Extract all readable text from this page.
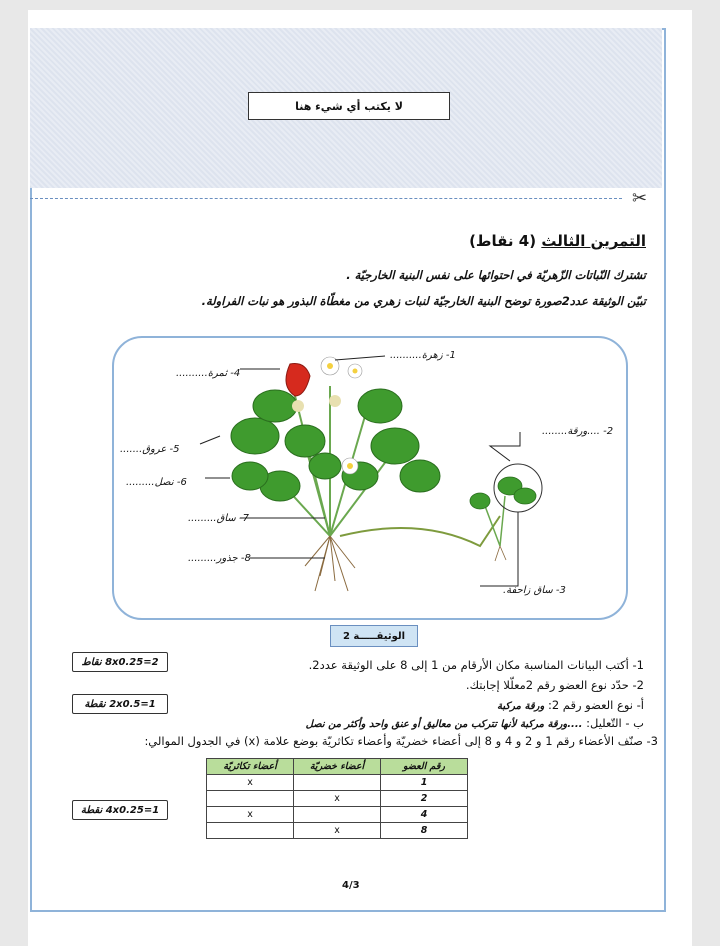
لا يكتب أي شيء هنا
✂
التمرين الثالث (4 نقاط)
تشترك النّباتات الزّهريّة في احتوائها على نفس البنية الخارجيّة .
تبيّن الوثيقة عدد2صورة توضح البنية الخارجيّة لنبات زهري من مغطّاة البذور هو نبات الفراولة.
1- زهرة..........
2- ....ورقة........
3- ساق زاحفة.
4- ثمرة..........
5- عروق.......
6- نصل.........
7- ساق.........
8- جذور.........
الوثيقـــــة 2
2=8x0.25 نقاط
1=2x0.5 نقطة
1=4x0.25 نقطة
1- أكتب البيانات المناسبة مكان الأرقام من 1 إلى 8 على الوثيقة عدد2.
2- حدّد نوع العضو رقم 2معلّلا إجابتك.
أ- نوع العضو رقم 2: ورقة مركبة
ب - التّعليل: ....ورقة مركبة لأنها تتركب من معاليق أو عنق واحد وأكثر من نصل
3- صنّف الأعضاء رقم 1 و 2 و 4 و 8 إلى أعضاء خضريّة وأعضاء تكاثريّة بوضع علامة (x) في الجدول الموالي:
رقم العضو	أعضاء خضريّة	أعضاء تكاثريّة
1		x
2	x	
4		x
8	x	
4/3
